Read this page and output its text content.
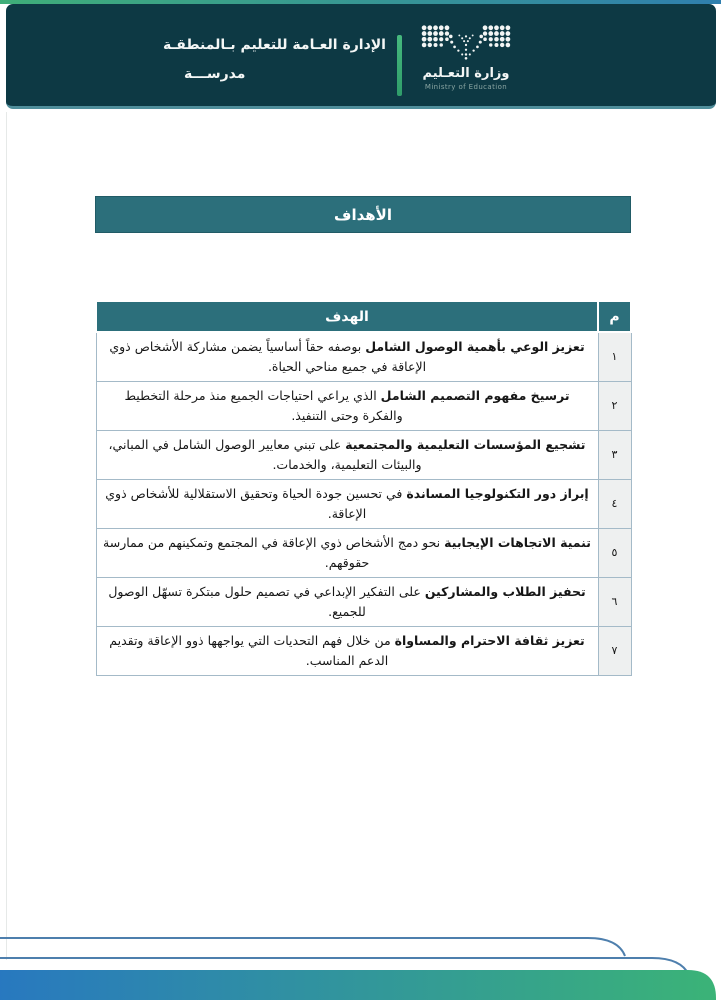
الإدارة العـامة للتعليم بـالمنطقـة
مدرســـة	وزارة التعـليم
Ministry of Education
الأهداف
م	الهدف
١	تعزيز الوعي بأهمية الوصول الشامل بوصفه حقاً أساسياً يضمن مشاركة الأشخاص ذوي الإعاقة في جميع مناحي الحياة.
٢	ترسيخ مفهوم التصميم الشامل الذي يراعي احتياجات الجميع منذ مرحلة التخطيط والفكرة وحتى التنفيذ.
٣	تشجيع المؤسسات التعليمية والمجتمعية على تبني معايير الوصول الشامل في المباني، والبيئات التعليمية، والخدمات.
٤	إبراز دور التكنولوجيا المساندة في تحسين جودة الحياة وتحقيق الاستقلالية للأشخاص ذوي الإعاقة.
٥	تنمية الاتجاهات الإيجابية نحو دمج الأشخاص ذوي الإعاقة في المجتمع وتمكينهم من ممارسة حقوقهم.
٦	تحفيز الطلاب والمشاركين على التفكير الإبداعي في تصميم حلول مبتكرة تسهّل الوصول للجميع.
٧	تعزيز ثقافة الاحترام والمساواة من خلال فهم التحديات التي يواجهها ذوو الإعاقة وتقديم الدعم المناسب.
